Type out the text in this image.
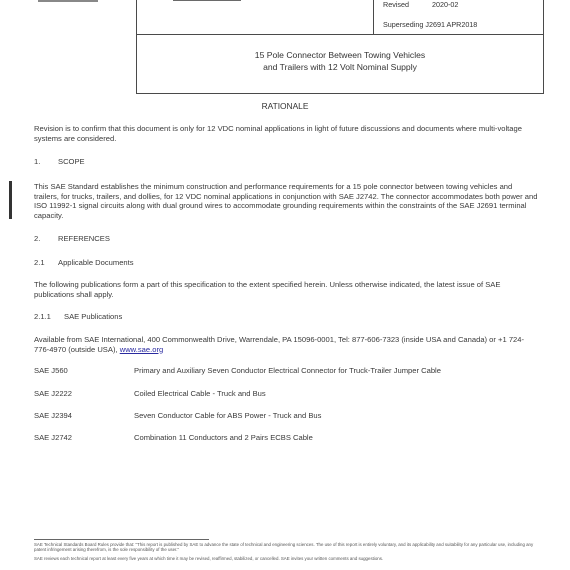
Revised	2020-02
Superseding J2691 APR2018
15 Pole Connector Between Towing Vehicles
and Trailers with 12 Volt Nominal Supply
RATIONALE
Revision is to confirm that this document is only for 12 VDC nominal applications in light of future discussions and documents where multi-voltage systems are considered.
1. SCOPE
This SAE Standard establishes the minimum construction and performance requirements for a 15 pole connector between towing vehicles and trailers, for trucks, trailers, and dollies, for 12 VDC nominal applications in conjunction with SAE J2742. The connector accommodates both power and ISO 11992-1 signal circuits along with dual ground wires to accommodate grounding requirements within the constraints of the SAE J2691 terminal capacity.
2. REFERENCES
2.1 Applicable Documents
The following publications form a part of this specification to the extent specified herein. Unless otherwise indicated, the latest issue of SAE publications shall apply.
2.1.1 SAE Publications
Available from SAE International, 400 Commonwealth Drive, Warrendale, PA 15096-0001, Tel: 877-606-7323 (inside USA and Canada) or +1 724-776-4970 (outside USA), www.sae.org
SAE J560	Primary and Auxiliary Seven Conductor Electrical Connector for Truck-Trailer Jumper Cable
SAE J2222	Coiled Electrical Cable - Truck and Bus
SAE J2394	Seven Conductor Cable for ABS Power - Truck and Bus
SAE J2742	Combination 11 Conductors and 2 Pairs ECBS Cable
SAE Technical Standards Board Rules provide that: "This report is published by SAE to advance the state of technical and engineering sciences. The use of this report is entirely voluntary, and its applicability and suitability for any particular use, including any patent infringement arising therefrom, is the sole responsibility of the user."
SAE reviews each technical report at least every five years at which time it may be revised, reaffirmed, stabilized, or cancelled. SAE invites your written comments and suggestions.
